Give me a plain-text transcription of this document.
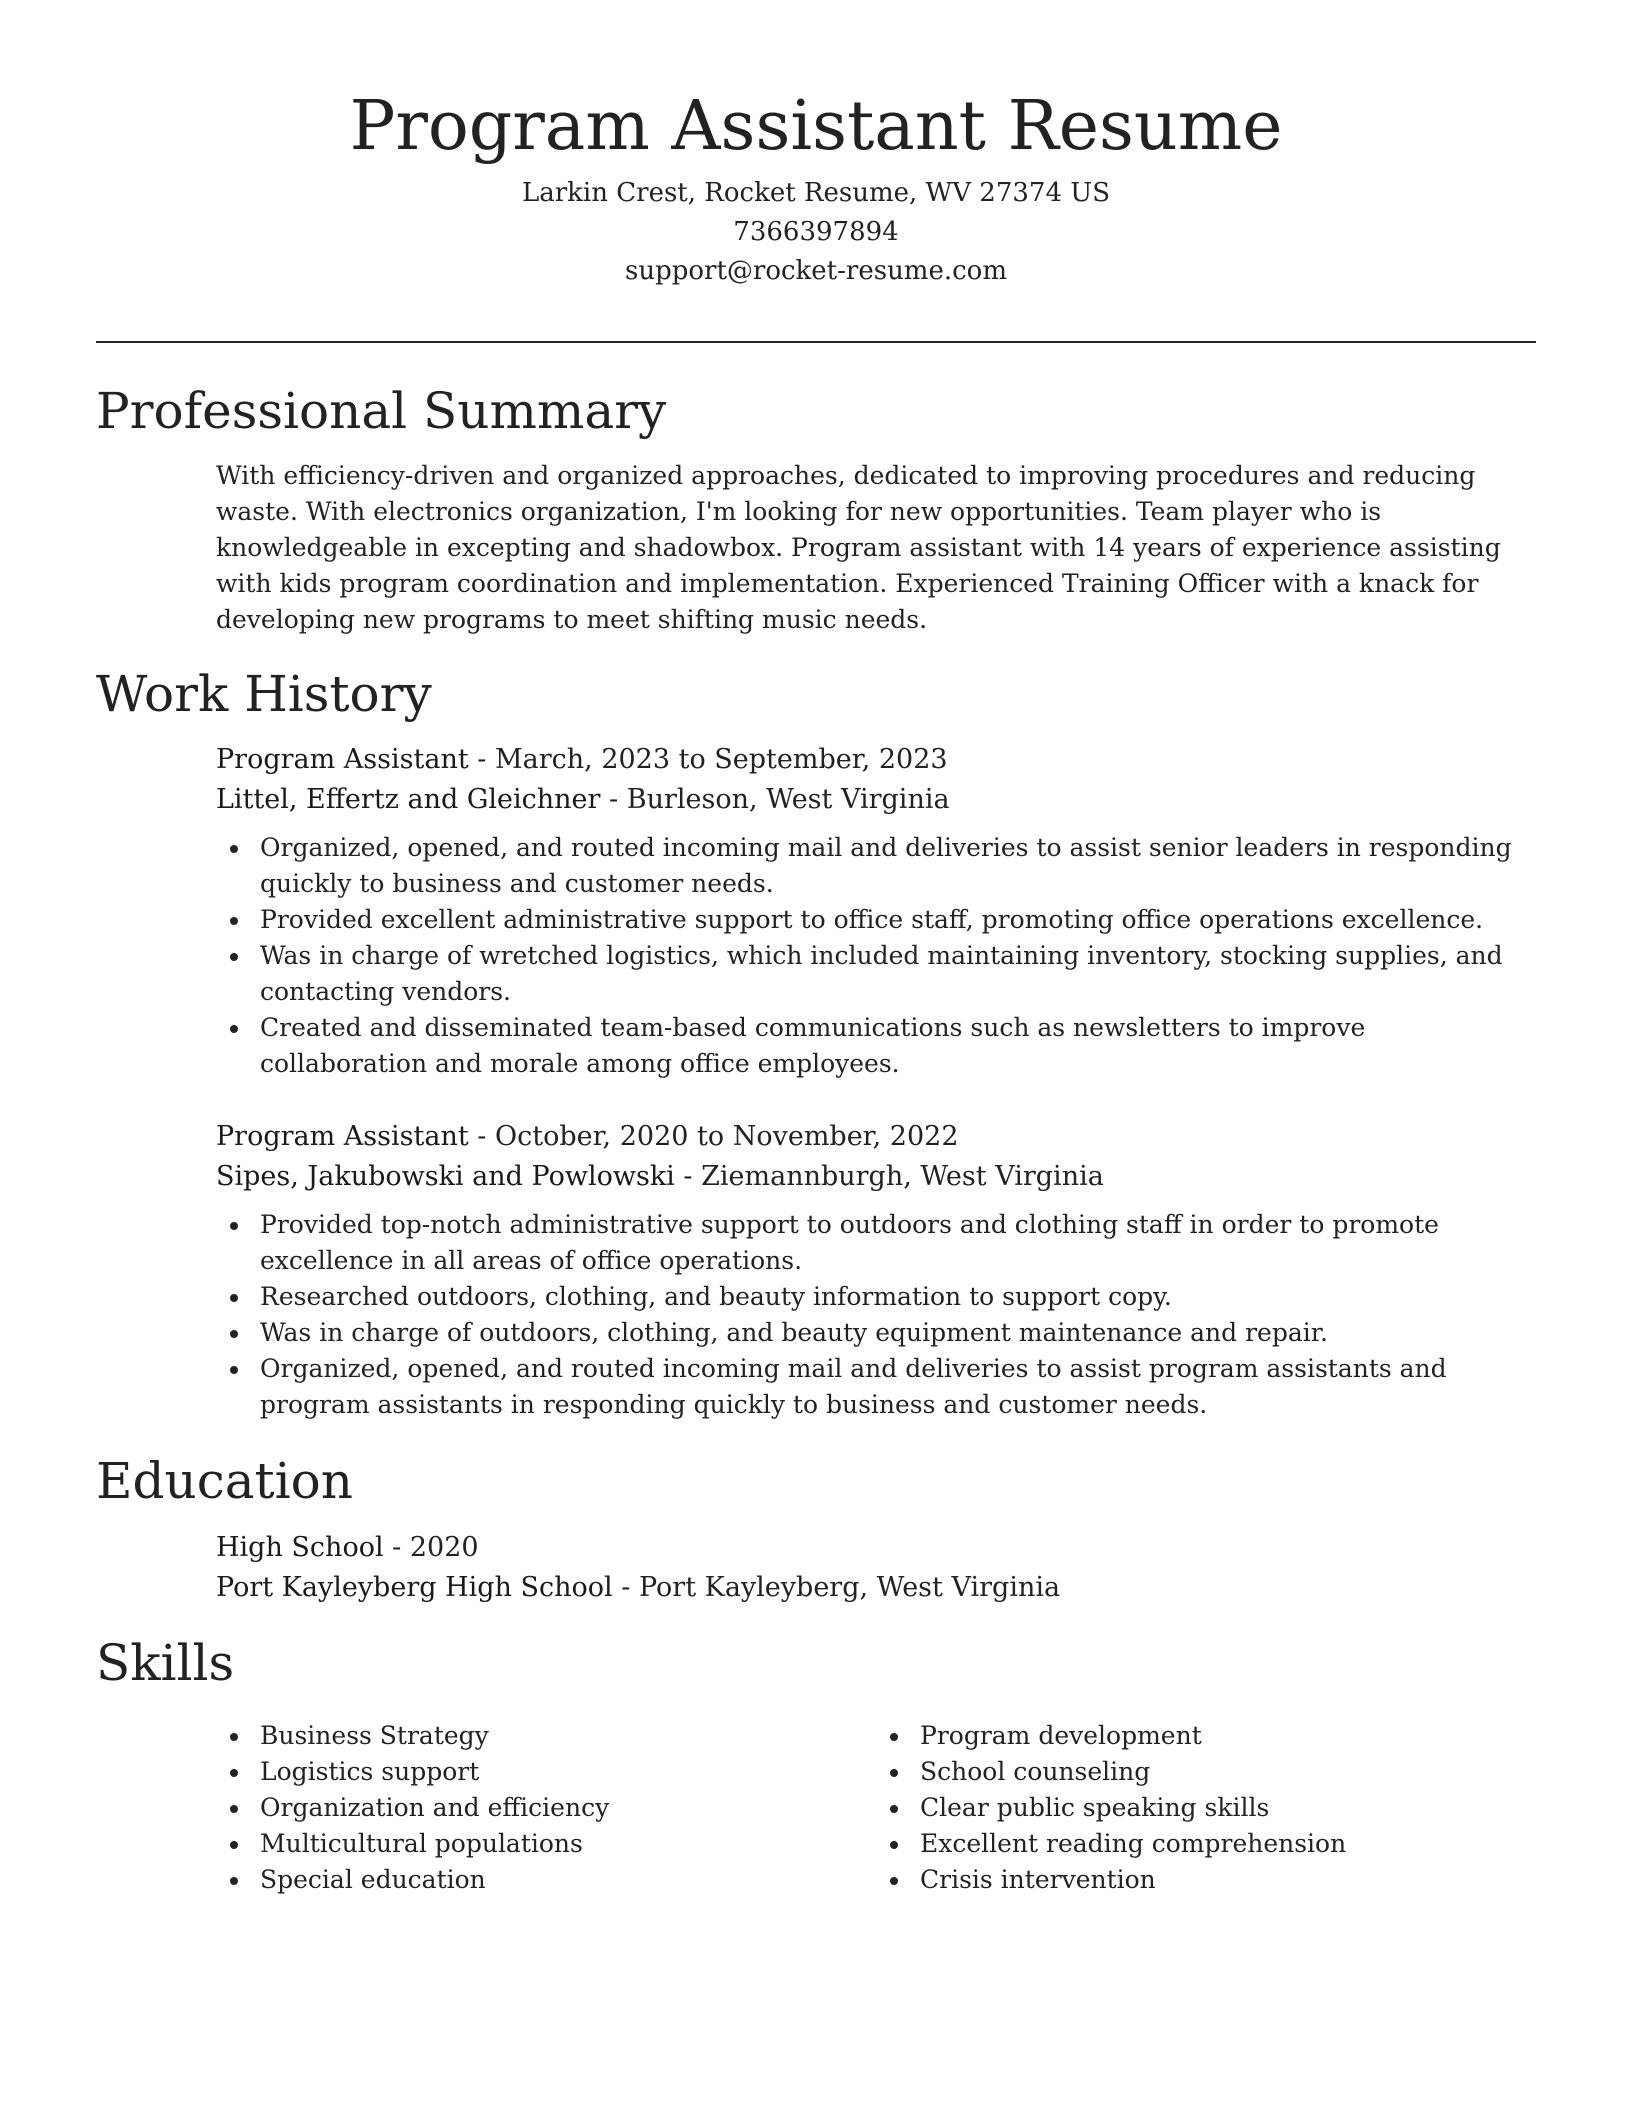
Program Assistant Resume
Larkin Crest, Rocket Resume, WV 27374 US
7366397894
support@rocket-resume.com
Professional Summary

With efficiency-driven and organized approaches, dedicated to improving procedures and reducing waste. With electronics organization, I'm looking for new opportunities. Team player who is knowledgeable in excepting and shadowbox. Program assistant with 14 years of experience assisting with kids program coordination and implementation. Experienced Training Officer with a knack for developing new programs to meet shifting music needs.

Work History
Program Assistant - March, 2023 to September, 2023
Littel, Effertz and Gleichner - Burleson, West Virginia
Organized, opened, and routed incoming mail and deliveries to assist senior leaders in responding quickly to business and customer needs.
Provided excellent administrative support to office staff, promoting office operations excellence.
Was in charge of wretched logistics, which included maintaining inventory, stocking supplies, and contacting vendors.
Created and disseminated team-based communications such as newsletters to improve collaboration and morale among office employees.
Program Assistant - October, 2020 to November, 2022
Sipes, Jakubowski and Powlowski - Ziemannburgh, West Virginia
Provided top-notch administrative support to outdoors and clothing staff in order to promote excellence in all areas of office operations.
Researched outdoors, clothing, and beauty information to support copy.
Was in charge of outdoors, clothing, and beauty equipment maintenance and repair.
Organized, opened, and routed incoming mail and deliveries to assist program assistants and program assistants in responding quickly to business and customer needs.
Education
High School - 2020
Port Kayleyberg High School - Port Kayleyberg, West Virginia
Skills
Business Strategy
Logistics support
Organization and efficiency
Multicultural populations
Special education
Program development
School counseling
Clear public speaking skills
Excellent reading comprehension
Crisis intervention
